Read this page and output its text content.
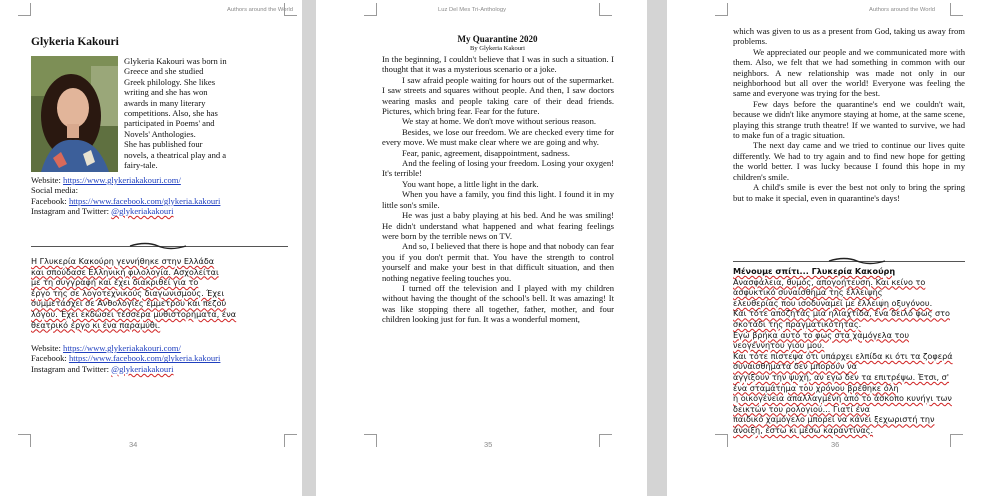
Authors around the World
Glykeria Kakouri

Glykeria Kakouri was born in

Greece and she studied

Greek philology. She likes

writing and she has won

awards in many literary

competitions. Also, she has

participated in Poems' and

Novels' Anthologies.

She has published four

novels, a theatrical play and a

fairy-tale.

Website: https://www.glykeriakakouri.com/

Social media:

Facebook: https://www.facebook.com/glykeria.kakouri

Instagram and Twitter: @glykeriakakouri

Η Γλυκερία Κακούρη γεννήθηκε στην Ελλάδα

και σπούδασε Ελληνική φιλολογία. Ασχολείται

με τη συγγραφή και έχει διακριθεί για το

έργο της σε λογοτεχνικούς διαγωνισμούς. Έχει

συμμετάσχει σε Ανθολογίες έμμετρου και πεζού

λόγου. Έχει εκδώσει τέσσερα μυθιστορήματα, ένα

θεατρικό έργο κι ένα παραμύθι.

Website: https://www.glykeriakakouri.com/

Facebook: https://www.facebook.com/glykeria.kakouri

Instagram and Twitter: @glykeriakakouri

34
Luz Del Mes Tri-Anthology
My Quarantine 2020
By Glykeria Kakouri

In the beginning, I couldn't believe that I was in such a situation. I thought that it was a mysterious scenario or a joke.

I saw afraid people waiting for hours out of the supermarket. I saw streets and squares without people. And then, I saw doctors wearing masks and people taking care of their dead friends. Pictures, which bring fear. Fear for the future.

We stay at home. We don't move without serious reason.

Besides, we lose our freedom. We are checked every time for every move. We must make clear where we are going and why.

Fear, panic, agreement, disappointment, sadness.

And the feeling of losing your freedom. Losing your oxygen! It's terrible!

You want hope, a little light in the dark.

When you have a family, you find this light. I found it in my little son's smile.

He was just a baby playing at his bed. And he was smiling! He didn't understand what happened and what fearing feelings were born by the terrible news on TV.

And so, I believed that there is hope and that nobody can fear you if you don't permit that. You have the strength to control yourself and make your best in that difficult situation, and then nothing negative feeling touches you.

I turned off the television and I played with my children without having the thought of the school's bell. It was amazing! It was like stopping there all together, father, mother, and four children looking just for fun. It was a wonderful moment,

35
Authors around the World

which was given to us as a present from God, taking us away from problems.

We appreciated our people and we communicated more with them. Also, we felt that we had something in common with our neighbors. A new relationship was made not only in our neighborhood but all over the world! Everyone was feeling the same and everyone was trying for the best.

Few days before the quarantine's end we couldn't wait, because we didn't like anymore staying at home, at the same scene, playing this strange truth theatre! If we wanted to survive, we had to make fun of a tragic situation.

The next day came and we tried to continue our lives quite differently. We had to try again and to find new hope for getting the world better. I was lucky because I found this hope in my children's smile.

A child's smile is ever the best not only to bring the spring but to make it special, even in quarantine's days!

Μένουμε σπίτι... Γλυκερία Κακούρη

Ανασφάλεια, θυμός, απογοήτευση. Και κείνο το

ασφυκτικό συναίσθημα της έλλειψης

ελευθερίας που ισοδυναμεί με έλλειψη οξυγόνου.

Και τότε αποζητάς μια ηλιαχτίδα, ένα δειλό φως στο

σκοτάδι της πραγματικότητας.

Εγώ βρήκα αυτό το φως στα χαμόγελα του

νεογέννητου γιου μου.

Και τότε πίστεψα ότι υπάρχει ελπίδα κι ότι τα ζοφερά

συναισθήματα δεν μπορούν να

αγγίξουν την ψυχή, αν εγώ δεν τα επιτρέψω. Έτσι, σ'

ένα σταμάτημα του χρόνου βρέθηκε όλη

η οικογένεια απαλλαγμένη από το άσκοπο κυνήγι των

δεικτών του ρολογιού... Γιατί ένα

παιδικό χαμόγελο μπορεί να κάνει ξεχωριστή την

άνοιξη, έστω κι μέσω καραντίνας.

36
